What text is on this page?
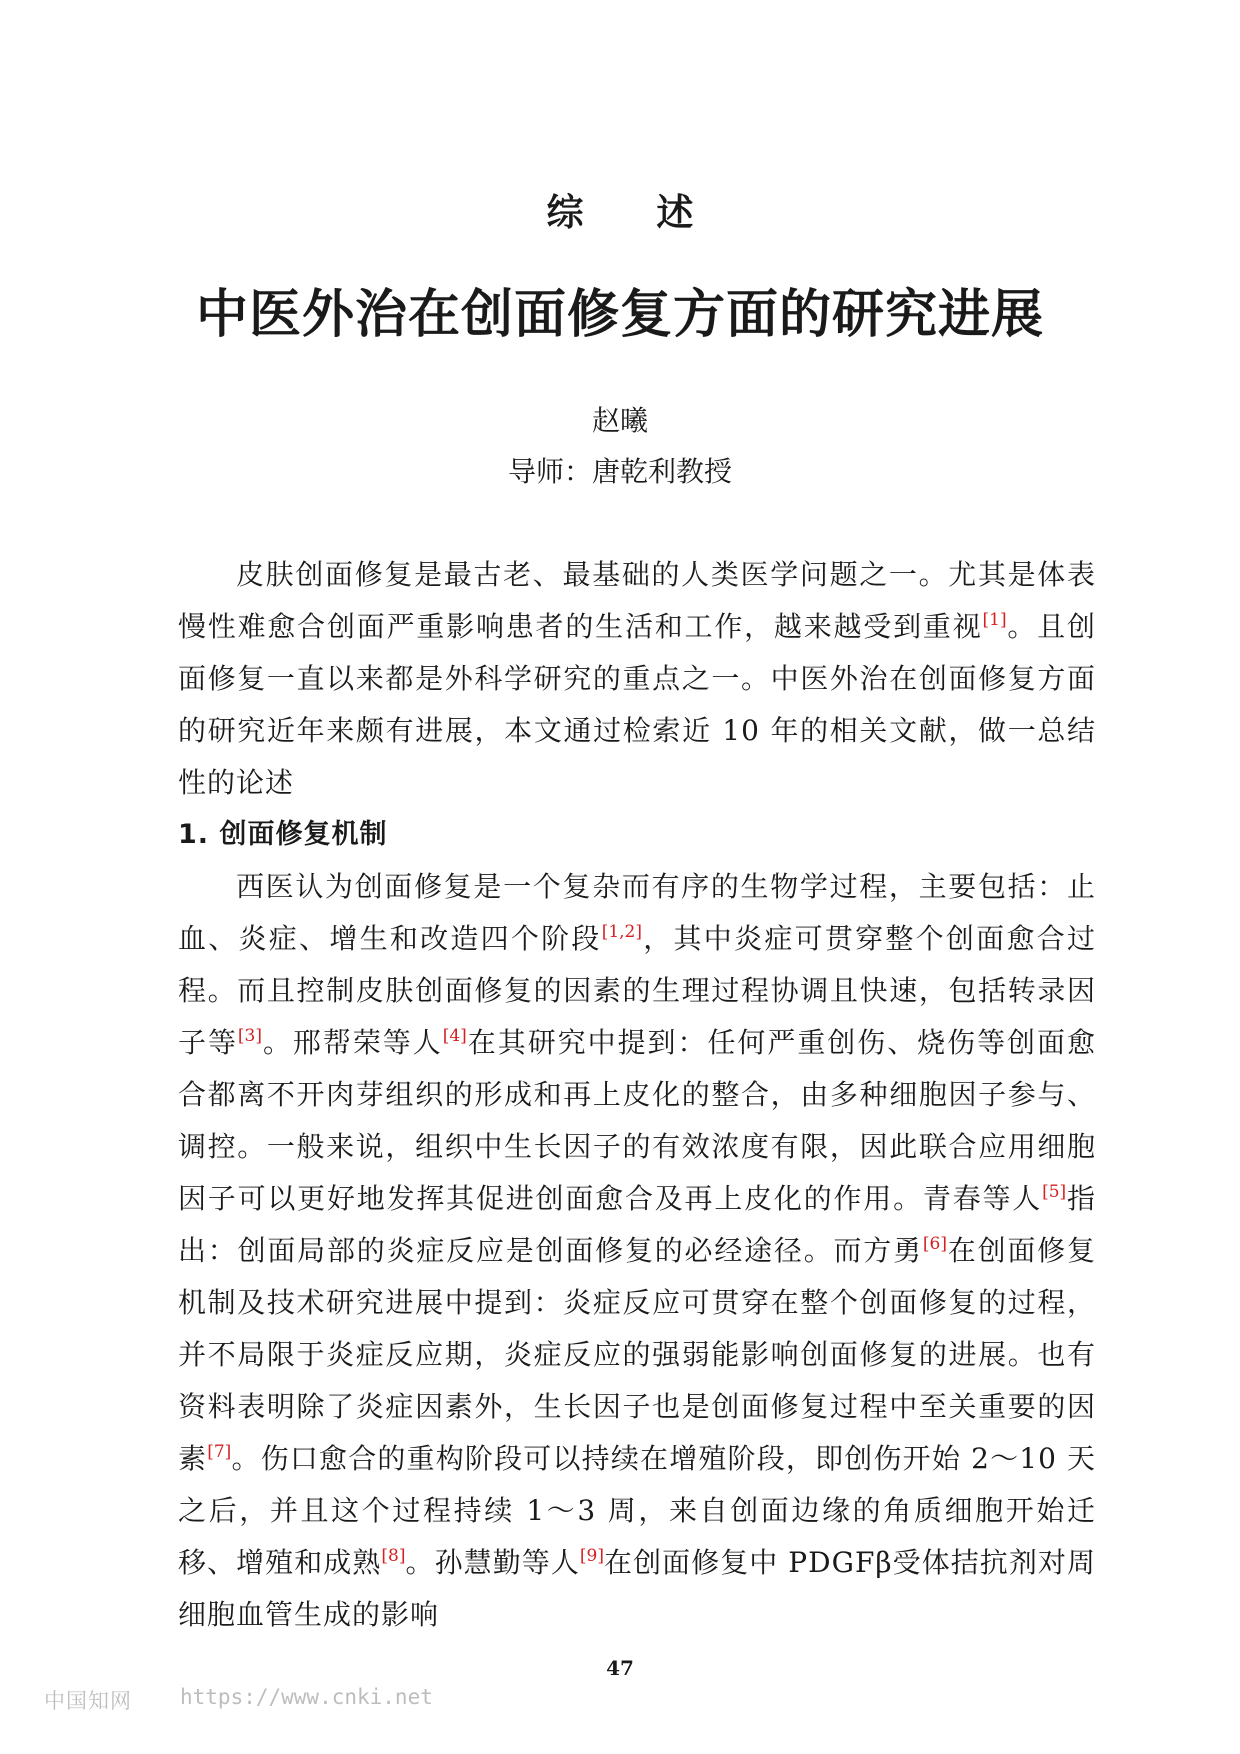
综 述
中医外治在创面修复方面的研究进展
赵曦
导师：唐乾利教授

皮肤创面修复是最古老、最基础的人类医学问题之一。尤其是体表慢性难愈合创面严重影响患者的生活和工作，越来越受到重视[1]。且创面修复一直以来都是外科学研究的重点之一。中医外治在创面修复方面的研究近年来颇有进展，本文通过检索近 10 年的相关文献，做一总结性的论述

1. 创面修复机制

西医认为创面修复是一个复杂而有序的生物学过程，主要包括：止血、炎症、增生和改造四个阶段[1,2]，其中炎症可贯穿整个创面愈合过程。而且控制皮肤创面修复的因素的生理过程协调且快速，包括转录因子等[3]。邢帮荣等人[4]在其研究中提到：任何严重创伤、烧伤等创面愈合都离不开肉芽组织的形成和再上皮化的整合，由多种细胞因子参与、调控。一般来说，组织中生长因子的有效浓度有限，因此联合应用细胞因子可以更好地发挥其促进创面愈合及再上皮化的作用。青春等人[5]指出：创面局部的炎症反应是创面修复的必经途径。而方勇[6]在创面修复机制及技术研究进展中提到：炎症反应可贯穿在整个创面修复的过程，并不局限于炎症反应期，炎症反应的强弱能影响创面修复的进展。也有资料表明除了炎症因素外，生长因子也是创面修复过程中至关重要的因素[7]。伤口愈合的重构阶段可以持续在增殖阶段，即创伤开始 2～10 天之后，并且这个过程持续 1～3 周，来自创面边缘的角质细胞开始迁移、增殖和成熟[8]。孙慧勤等人[9]在创面修复中 PDGFβ受体拮抗剂对周细胞血管生成的影响

47
中国知网 https://www.cnki.net
